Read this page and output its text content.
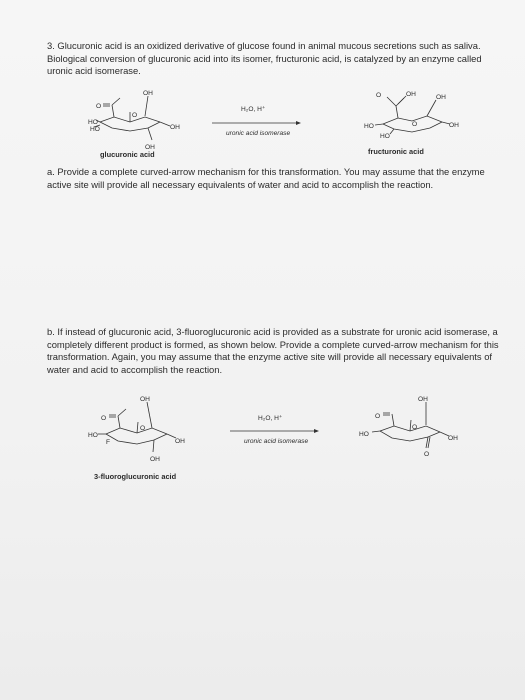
3. Glucuronic acid is an oxidized derivative of glucose found in animal mucous secretions such as saliva. Biological conversion of glucuronic acid into its isomer, fructuronic acid, is catalyzed by an enzyme called uronic acid isomerase.

OH
O
O
HO
HO	OH
OH
glucuronic acid
H₂O, H⁺
uronic acid isomerase
O	OH	OH
O
HO
HO
OH
fructuronic acid

a. Provide a complete curved-arrow mechanism for this transformation. You may assume that the enzyme active site will provide all necessary equivalents of water and acid to accomplish the reaction.

b. If instead of glucuronic acid, 3-fluoroglucuronic acid is provided as a substrate for uronic acid isomerase, a completely different product is formed, as shown below. Provide a complete curved-arrow mechanism for this transformation. Again, you may assume that the enzyme active site will provide all necessary equivalents of water and acid to accomplish the reaction.

OH
O
O
HO
F	OH
OH
3-fluoroglucuronic acid
H₂O, H⁺
uronic acid isomerase
OH
O
O
HO
OH
O
